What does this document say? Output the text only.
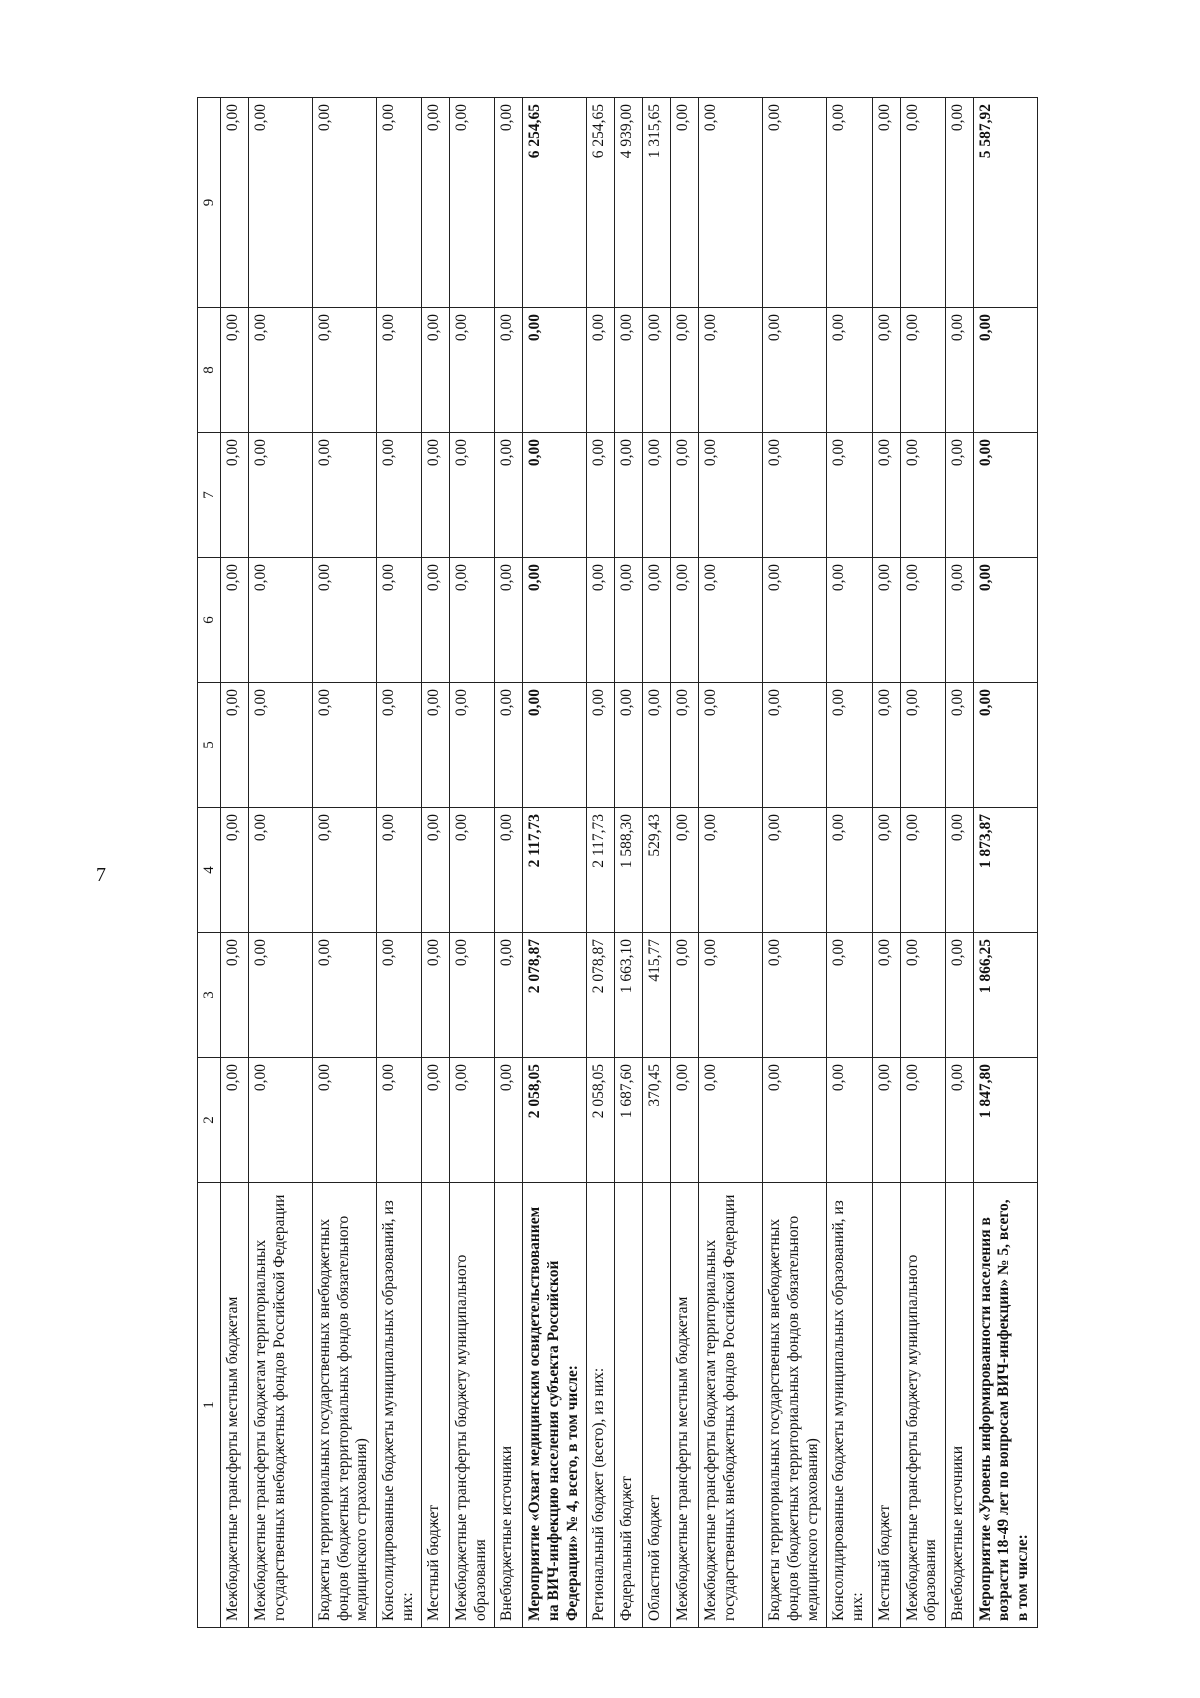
7
1	2	3	4	5	6	7	8	9
Межбюджетные трансферты местным бюджетам	0,00	0,00	0,00	0,00	0,00	0,00	0,00	0,00
Межбюджетные трансферты бюджетам территориальных государственных внебюджетных фондов Российской Федерации	0,00	0,00	0,00	0,00	0,00	0,00	0,00	0,00
Бюджеты территориальных государственных внебюджетных фондов (бюджетных территориальных фондов обязательного медицинского страхования)	0,00	0,00	0,00	0,00	0,00	0,00	0,00	0,00
Консолидированные бюджеты муниципальных образований, из них:	0,00	0,00	0,00	0,00	0,00	0,00	0,00	0,00
Местный бюджет	0,00	0,00	0,00	0,00	0,00	0,00	0,00	0,00
Межбюджетные трансферты бюджету муниципального образования	0,00	0,00	0,00	0,00	0,00	0,00	0,00	0,00
Внебюджетные источники	0,00	0,00	0,00	0,00	0,00	0,00	0,00	0,00
Мероприятие «Охват медицинским освидетельствованием на ВИЧ-инфекцию населения субъекта Российской Федерации» № 4, всего, в том числе:	2 058,05	2 078,87	2 117,73	0,00	0,00	0,00	0,00	6 254,65
Региональный бюджет (всего), из них:	2 058,05	2 078,87	2 117,73	0,00	0,00	0,00	0,00	6 254,65
Федеральный бюджет	1 687,60	1 663,10	1 588,30	0,00	0,00	0,00	0,00	4 939,00
Областной бюджет	370,45	415,77	529,43	0,00	0,00	0,00	0,00	1 315,65
Межбюджетные трансферты местным бюджетам	0,00	0,00	0,00	0,00	0,00	0,00	0,00	0,00
Межбюджетные трансферты бюджетам территориальных государственных внебюджетных фондов Российской Федерации	0,00	0,00	0,00	0,00	0,00	0,00	0,00	0,00
Бюджеты территориальных государственных внебюджетных фондов (бюджетных территориальных фондов обязательного медицинского страхования)	0,00	0,00	0,00	0,00	0,00	0,00	0,00	0,00
Консолидированные бюджеты муниципальных образований, из них:	0,00	0,00	0,00	0,00	0,00	0,00	0,00	0,00
Местный бюджет	0,00	0,00	0,00	0,00	0,00	0,00	0,00	0,00
Межбюджетные трансферты бюджету муниципального образования	0,00	0,00	0,00	0,00	0,00	0,00	0,00	0,00
Внебюджетные источники	0,00	0,00	0,00	0,00	0,00	0,00	0,00	0,00
Мероприятие «Уровень информированности населения в возрасти 18-49 лет по вопросам ВИЧ-инфекции» № 5, всего, в том числе:	1 847,80	1 866,25	1 873,87	0,00	0,00	0,00	0,00	5 587,92
